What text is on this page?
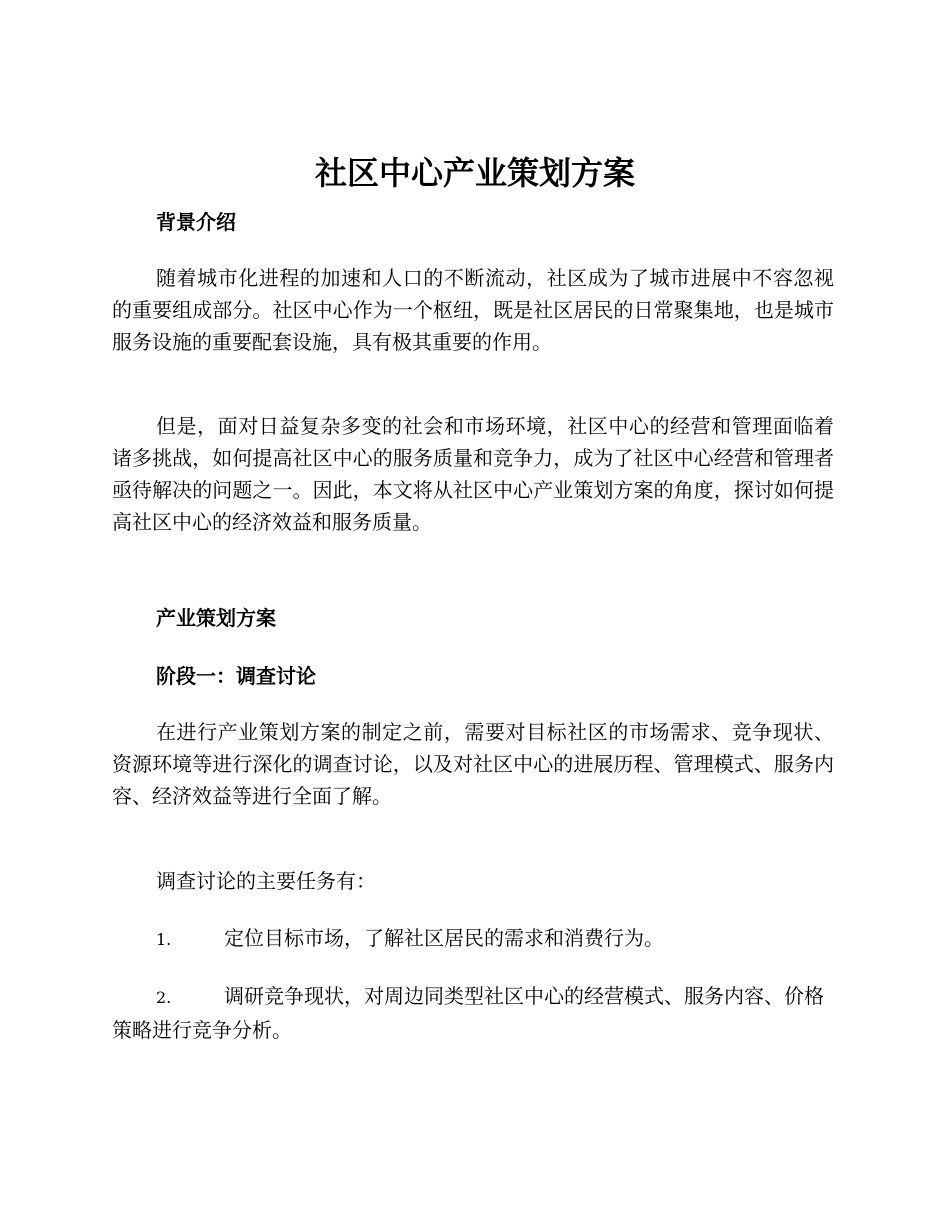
社区中心产业策划方案
背景介绍

随着城市化进程的加速和人口的不断流动，社区成为了城市进展中不容忽视的重要组成部分。社区中心作为一个枢纽，既是社区居民的日常聚集地，也是城市服务设施的重要配套设施，具有极其重要的作用。

但是，面对日益复杂多变的社会和市场环境，社区中心的经营和管理面临着诸多挑战，如何提高社区中心的服务质量和竞争力，成为了社区中心经营和管理者亟待解决的问题之一。因此，本文将从社区中心产业策划方案的角度，探讨如何提高社区中心的经济效益和服务质量。

产业策划方案
阶段一：调查讨论

在进行产业策划方案的制定之前，需要对目标社区的市场需求、竞争现状、资源环境等进行深化的调查讨论，以及对社区中心的进展历程、管理模式、服务内容、经济效益等进行全面了解。

调查讨论的主要任务有：

1.	定位目标市场，了解社区居民的需求和消费行为。

2.	调研竞争现状，对周边同类型社区中心的经营模式、服务内容、价格策略进行竞争分析。
